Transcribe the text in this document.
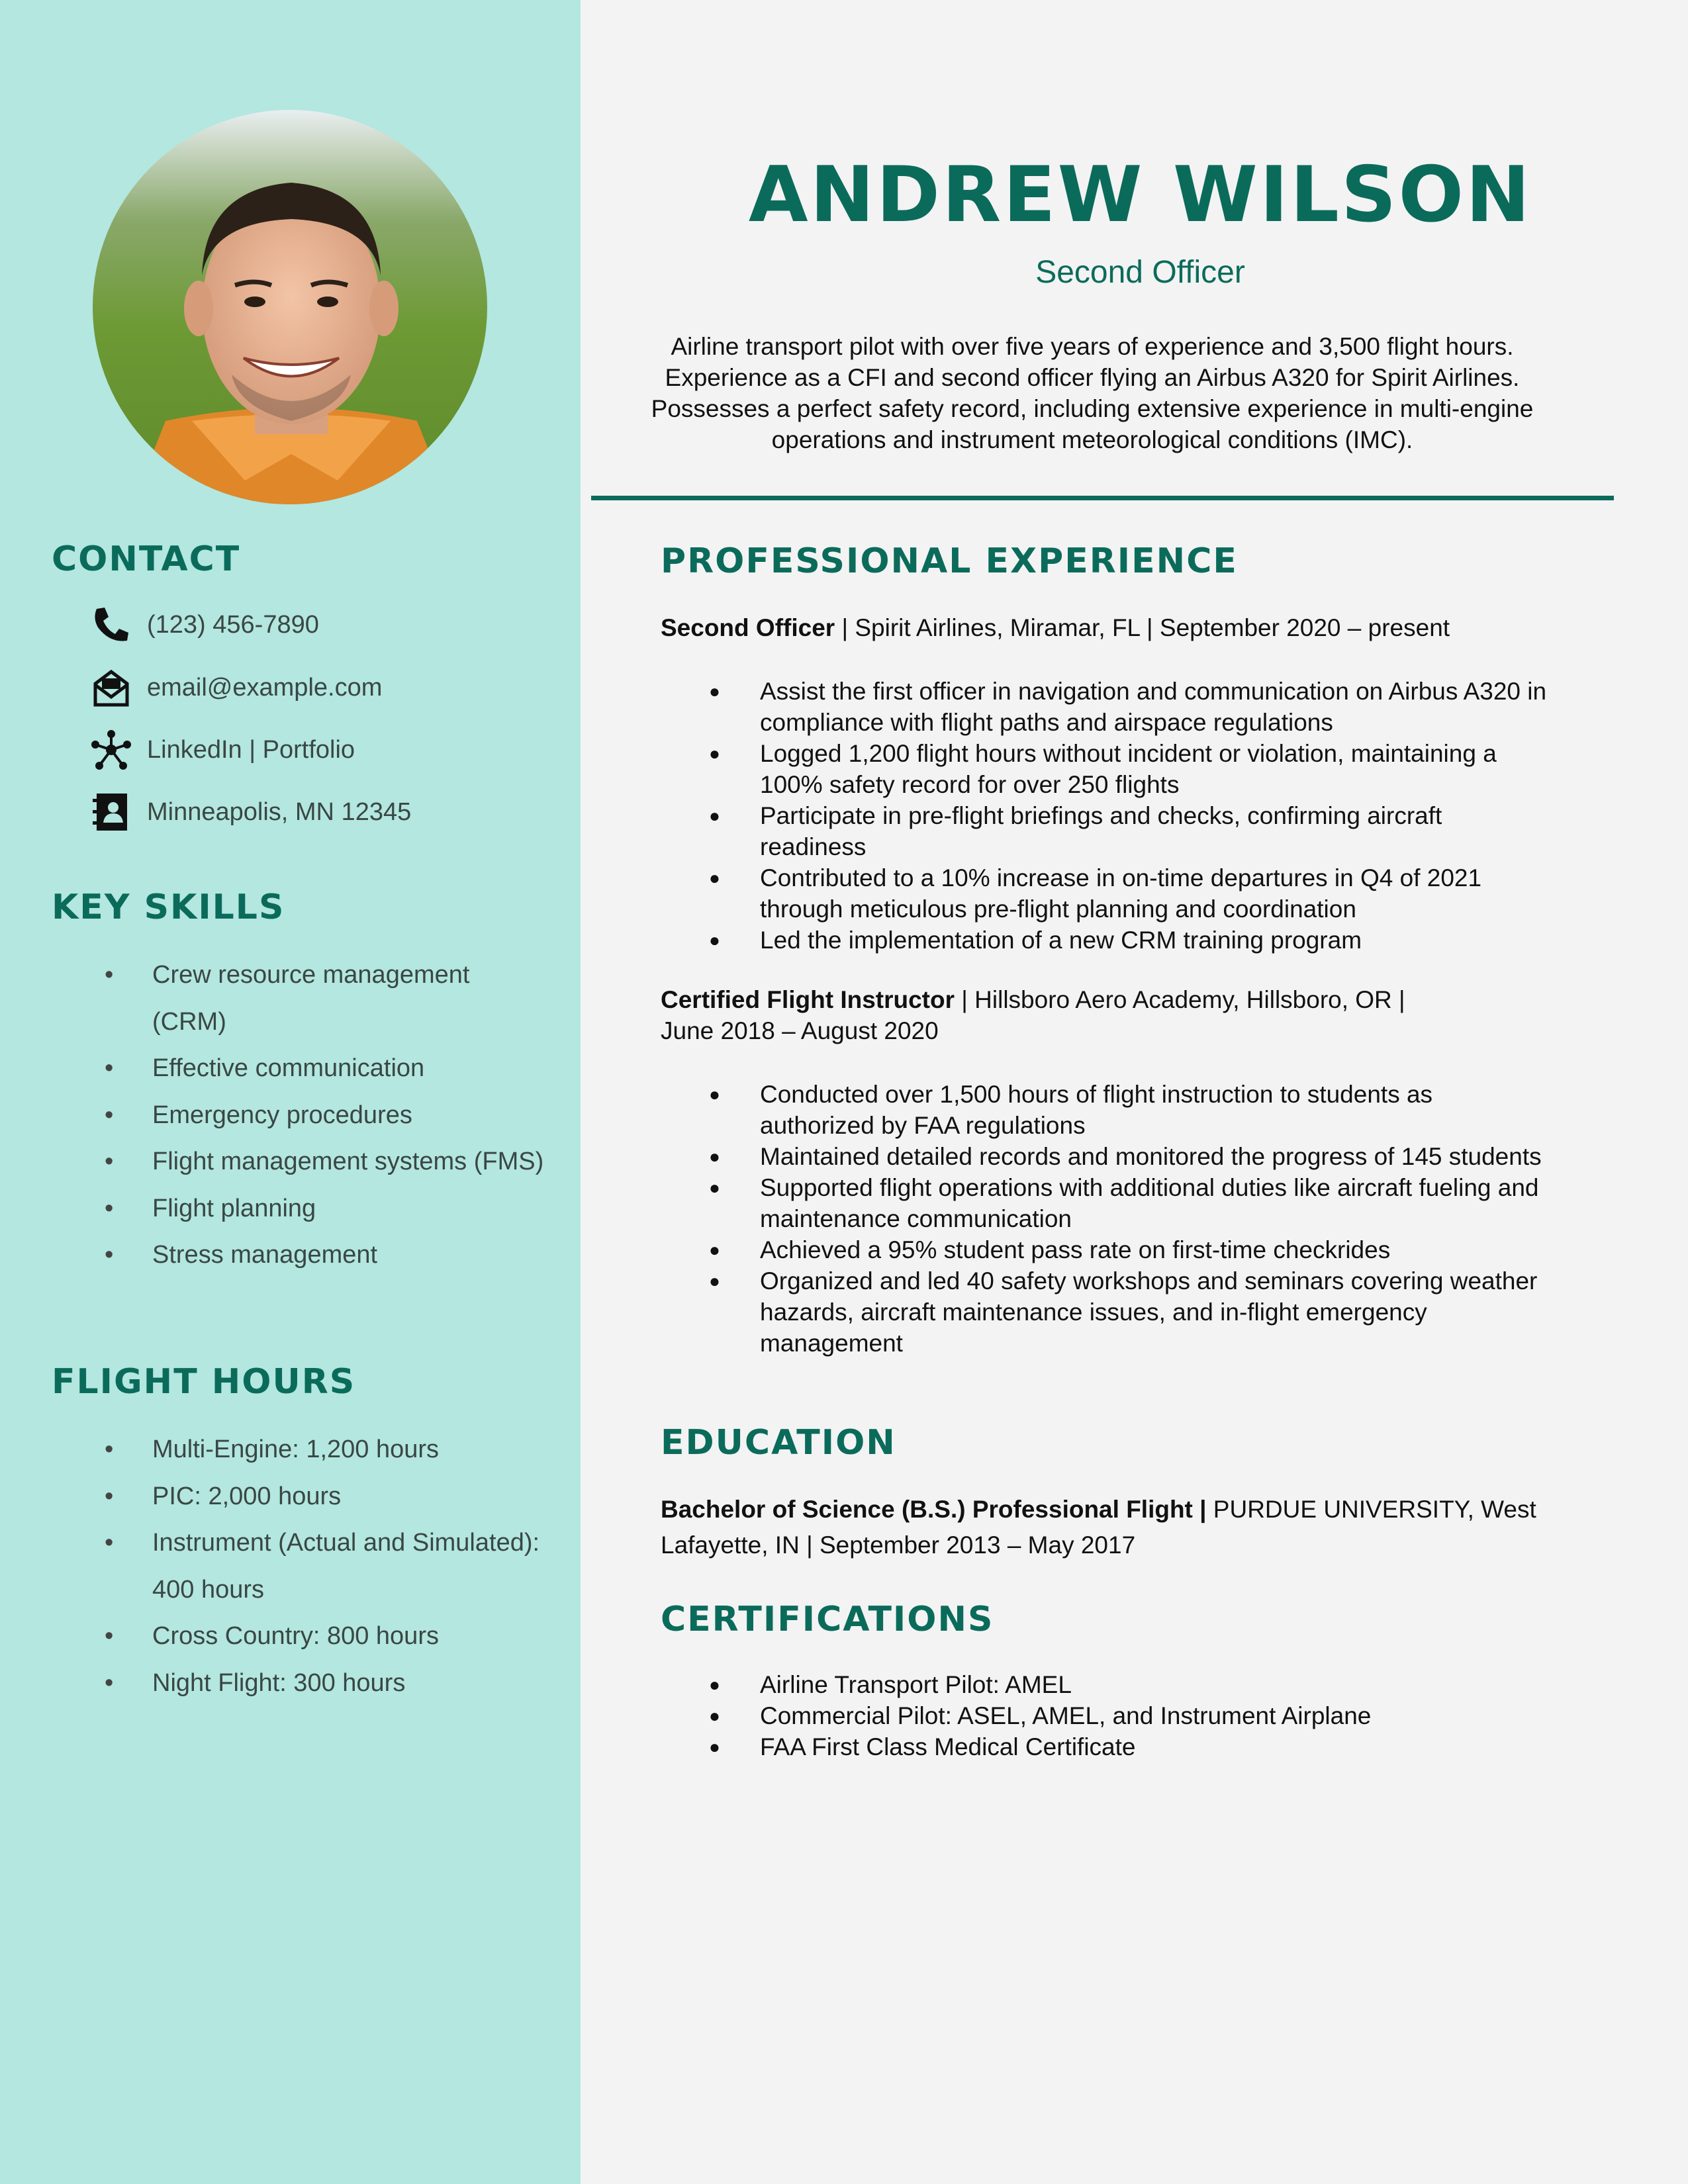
CONTACT
(123) 456-7890
email@example.com
LinkedIn | Portfolio
Minneapolis, MN 12345
KEY SKILLS
• Crew resource management (CRM)
• Effective communication
• Emergency procedures
• Flight management systems (FMS)
• Flight planning
• Stress management
FLIGHT HOURS
• Multi-Engine: 1,200 hours
• PIC: 2,000 hours
• Instrument (Actual and Simulated): 400 hours
• Cross Country: 800 hours
• Night Flight: 300 hours
ANDREW WILSON
Second Officer
Airline transport pilot with over five years of experience and 3,500 flight hours. Experience as a CFI and second officer flying an Airbus A320 for Spirit Airlines. Possesses a perfect safety record, including extensive experience in multi-engine operations and instrument meteorological conditions (IMC).
PROFESSIONAL EXPERIENCE
Second Officer | Spirit Airlines, Miramar, FL | September 2020 – present
● Assist the first officer in navigation and communication on Airbus A320 in compliance with flight paths and airspace regulations
● Logged 1,200 flight hours without incident or violation, maintaining a 100% safety record for over 250 flights
● Participate in pre-flight briefings and checks, confirming aircraft readiness
● Contributed to a 10% increase in on-time departures in Q4 of 2021 through meticulous pre-flight planning and coordination
● Led the implementation of a new CRM training program
Certified Flight Instructor | Hillsboro Aero Academy, Hillsboro, OR |
June 2018 – August 2020
● Conducted over 1,500 hours of flight instruction to students as authorized by FAA regulations
● Maintained detailed records and monitored the progress of 145 students
● Supported flight operations with additional duties like aircraft fueling and maintenance communication
● Achieved a 95% student pass rate on first-time checkrides
● Organized and led 40 safety workshops and seminars covering weather hazards, aircraft maintenance issues, and in-flight emergency management
EDUCATION
Bachelor of Science (B.S.) Professional Flight | PURDUE UNIVERSITY, West Lafayette, IN | September 2013 – May 2017
CERTIFICATIONS
● Airline Transport Pilot: AMEL
● Commercial Pilot: ASEL, AMEL, and Instrument Airplane
● FAA First Class Medical Certificate
